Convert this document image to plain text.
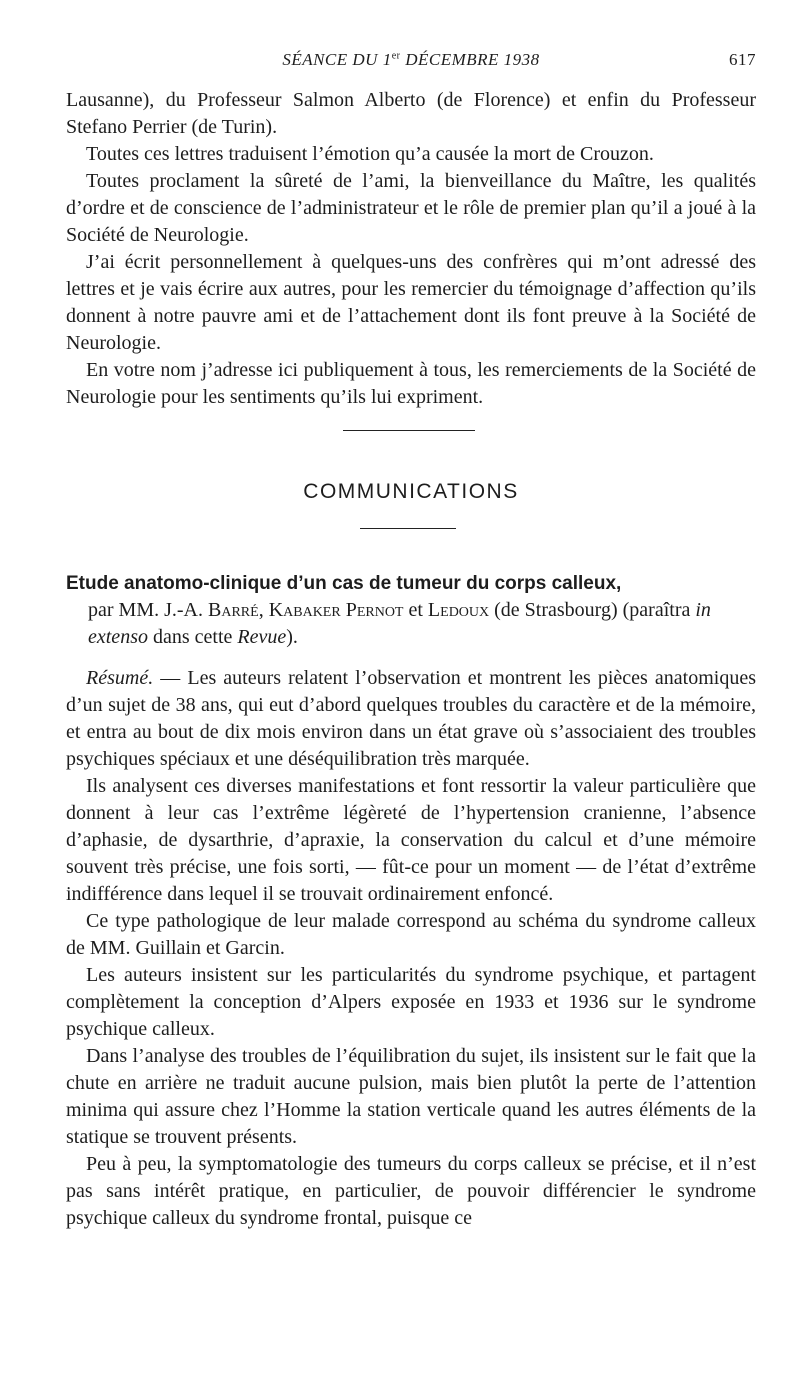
SÉANCE DU 1er DÉCEMBRE 1938	617

Lausanne), du Professeur Salmon Alberto (de Florence) et enfin du Professeur Stefano Perrier (de Turin).

Toutes ces lettres traduisent l’émotion qu’a causée la mort de Crouzon.

Toutes proclament la sûreté de l’ami, la bienveillance du Maître, les qualités d’ordre et de conscience de l’administrateur et le rôle de premier plan qu’il a joué à la Société de Neurologie.

J’ai écrit personnellement à quelques-uns des confrères qui m’ont adressé des lettres et je vais écrire aux autres, pour les remercier du témoignage d’affection qu’ils donnent à notre pauvre ami et de l’attachement dont ils font preuve à la Société de Neurologie.

En votre nom j’adresse ici publiquement à tous, les remerciements de la Société de Neurologie pour les sentiments qu’ils lui expriment.

COMMUNICATIONS

Etude anatomo-clinique d’un cas de tumeur du corps calleux,

par MM. J.-A. Barré, Kabaker Pernot et Ledoux (de Strasbourg) (paraîtra in extenso dans cette Revue).

Résumé. — Les auteurs relatent l’observation et montrent les pièces anatomiques d’un sujet de 38 ans, qui eut d’abord quelques troubles du caractère et de la mémoire, et entra au bout de dix mois environ dans un état grave où s’associaient des troubles psychiques spéciaux et une déséquilibration très marquée.

Ils analysent ces diverses manifestations et font ressortir la valeur particulière que donnent à leur cas l’extrême légèreté de l’hypertension cranienne, l’absence d’aphasie, de dysarthrie, d’apraxie, la conservation du calcul et d’une mémoire souvent très précise, une fois sorti, — fût-ce pour un moment — de l’état d’extrême indifférence dans lequel il se trouvait ordinairement enfoncé.

Ce type pathologique de leur malade correspond au schéma du syndrome calleux de MM. Guillain et Garcin.

Les auteurs insistent sur les particularités du syndrome psychique, et partagent complètement la conception d’Alpers exposée en 1933 et 1936 sur le syndrome psychique calleux.

Dans l’analyse des troubles de l’équilibration du sujet, ils insistent sur le fait que la chute en arrière ne traduit aucune pulsion, mais bien plutôt la perte de l’attention minima qui assure chez l’Homme la station verticale quand les autres éléments de la statique se trouvent présents.

Peu à peu, la symptomatologie des tumeurs du corps calleux se précise, et il n’est pas sans intérêt pratique, en particulier, de pouvoir différencier le syndrome psychique calleux du syndrome frontal, puisque ce
